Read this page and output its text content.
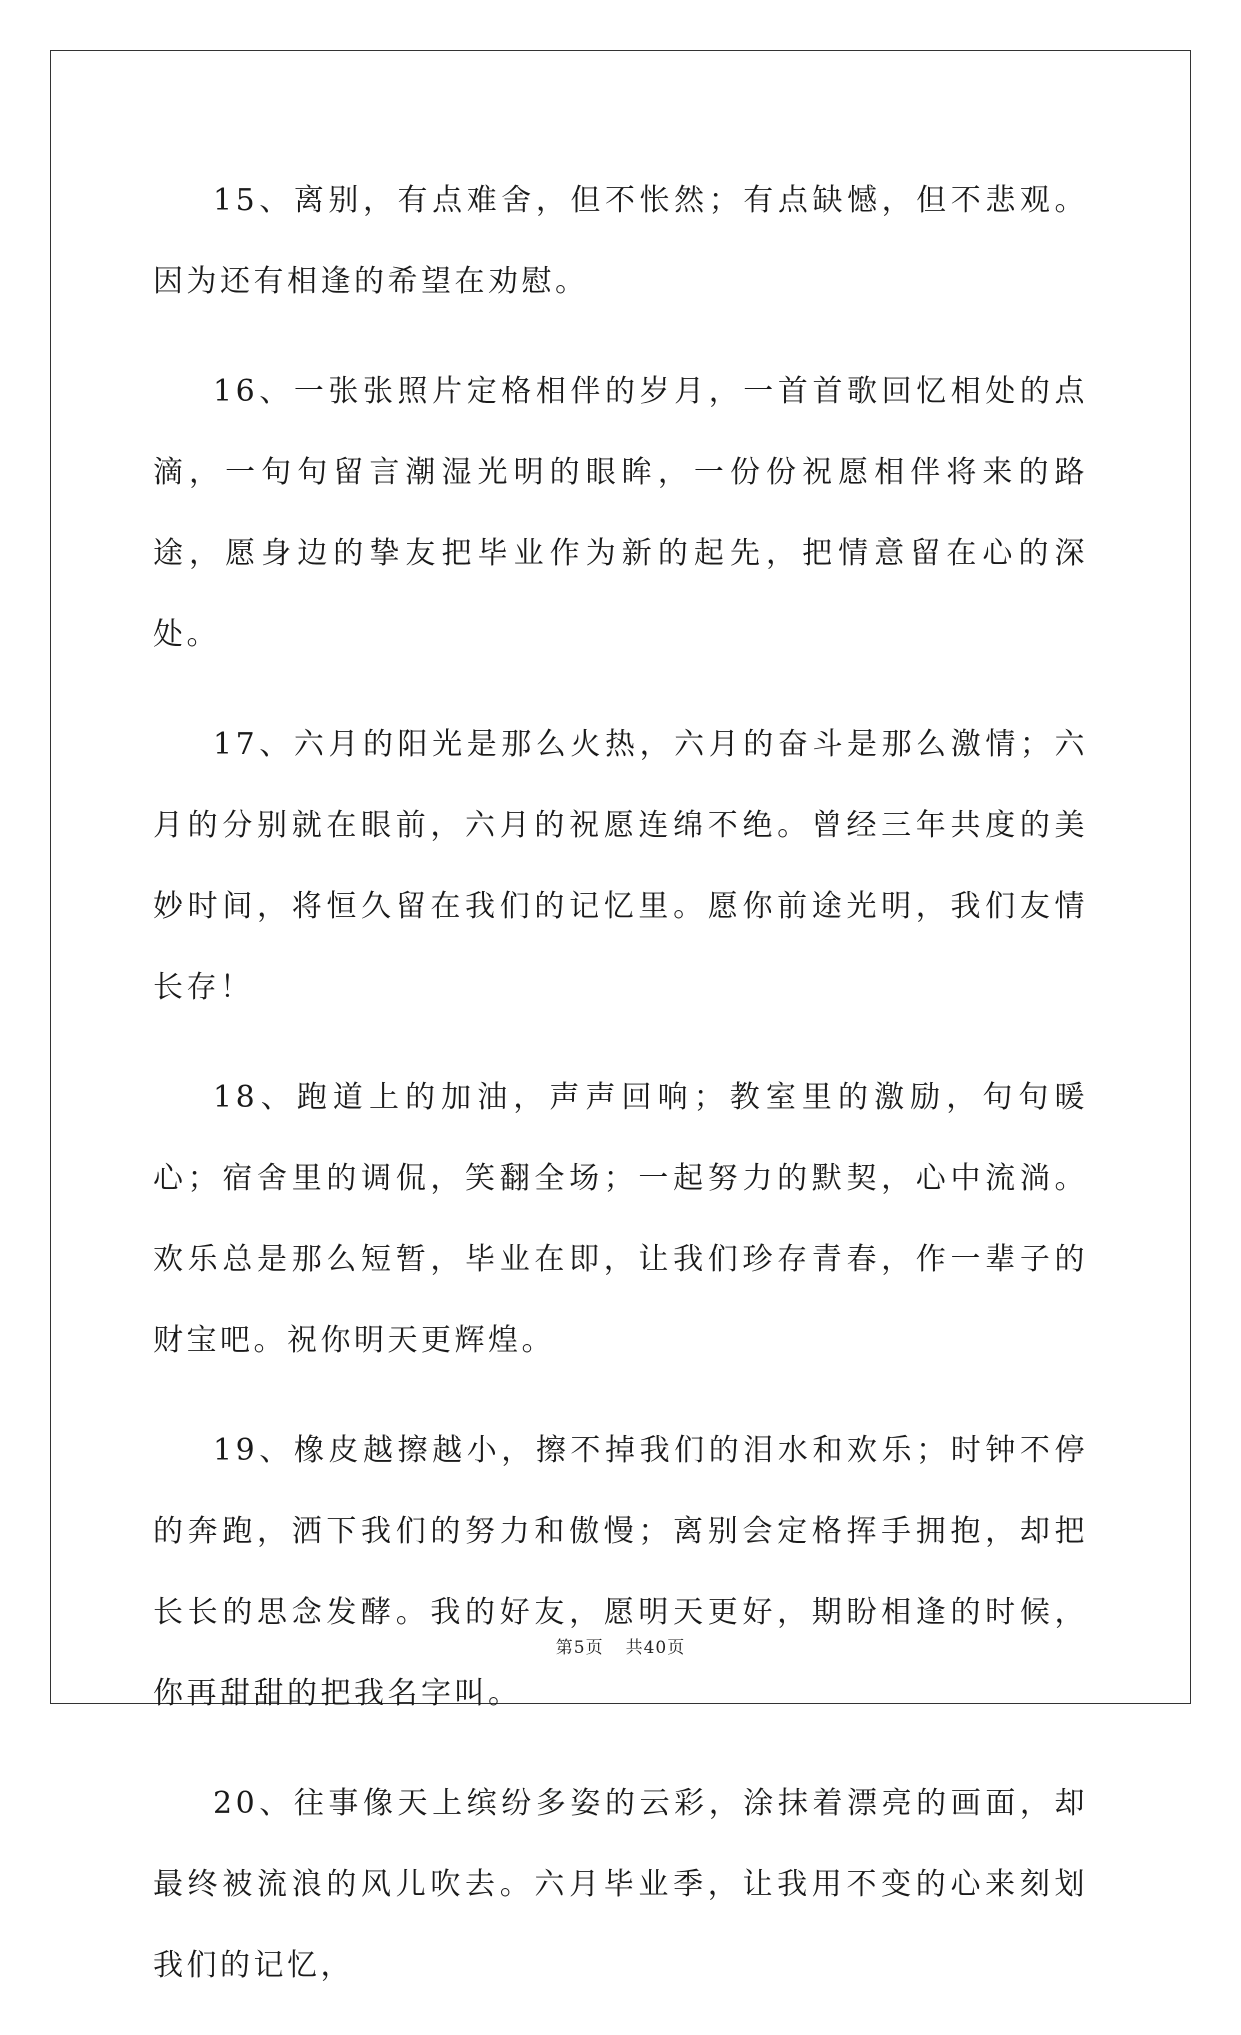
15、离别，有点难舍，但不怅然；有点缺憾，但不悲观。因为还有相逢的希望在劝慰。

16、一张张照片定格相伴的岁月，一首首歌回忆相处的点滴，一句句留言潮湿光明的眼眸，一份份祝愿相伴将来的路途，愿身边的挚友把毕业作为新的起先，把情意留在心的深处。

17、六月的阳光是那么火热，六月的奋斗是那么激情；六月的分别就在眼前，六月的祝愿连绵不绝。曾经三年共度的美妙时间，将恒久留在我们的记忆里。愿你前途光明，我们友情长存！

18、跑道上的加油，声声回响；教室里的激励，句句暖心；宿舍里的调侃，笑翻全场；一起努力的默契，心中流淌。欢乐总是那么短暂，毕业在即，让我们珍存青春，作一辈子的财宝吧。祝你明天更辉煌。

19、橡皮越擦越小，擦不掉我们的泪水和欢乐；时钟不停的奔跑，洒下我们的努力和傲慢；离别会定格挥手拥抱，却把长长的思念发酵。我的好友，愿明天更好，期盼相逢的时候，你再甜甜的把我名字叫。

20、往事像天上缤纷多姿的云彩，涂抹着漂亮的画面，却最终被流浪的风儿吹去。六月毕业季，让我用不变的心来刻划我们的记忆，

第5页 共40页
